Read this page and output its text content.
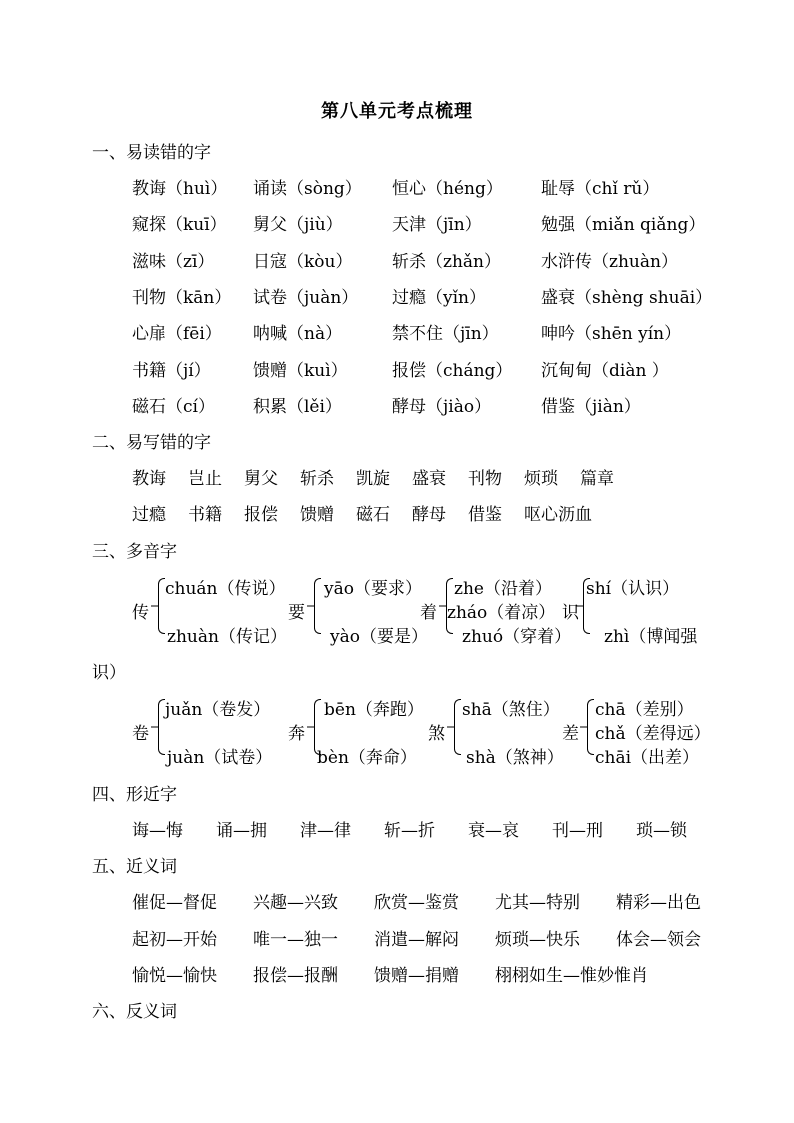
第八单元考点梳理
一、易读错的字
教诲（huì） 诵读（sòng） 恒心（héng） 耻辱（chǐ rǔ）
窥探（kuī） 舅父（jiù）	天津（jīn）	勉强（miǎn qiǎng）
滋味（zī） 日寇（kòu） 斩杀（zhǎn） 水浒传（zhuàn）
刊物（kān） 试卷（juàn） 过瘾（yǐn）	盛衰（shèng shuāi）
心扉（fēi） 呐喊（nà）	禁不住（jīn） 呻吟（shēn yín）
书籍（jí） 馈赠（kuì）	报偿（cháng） 沉甸甸（diàn ）
磁石（cí） 积累（lěi）	酵母（jiào）	借鉴（jiàn）
二、易写错的字
教诲 岂止 舅父 斩杀 凯旋 盛衰 刊物 烦琐 篇章
过瘾 书籍 报偿 馈赠 磁石 酵母 借鉴 呕心沥血
三、多音字
传
chuán（传说）
zhuàn（传记）
要
yāo（要求）
yào（要是）
着
zhe（沿着）
zháo（着凉）
zhuó（穿着）
识
shí（认识）
zhì（博闻强
识）
卷
juǎn（卷发）
juàn（试卷）
奔
bēn（奔跑）
bèn（奔命）
煞
shā（煞住）
shà（煞神）
差
chā（差别）
chǎ（差得远）
chāi（出差）
四、形近字
诲—悔 诵—拥 津—律 斩—折 衰—哀 刊—刑 琐—锁
五、近义词
催促—督促 兴趣—兴致 欣赏—鉴赏 尤其—特别 精彩—出色
起初—开始 唯一—独一 消遣—解闷 烦琐—快乐 体会—领会
愉悦—愉快 报偿—报酬 馈赠—捐赠 栩栩如生—惟妙惟肖
六、反义词
